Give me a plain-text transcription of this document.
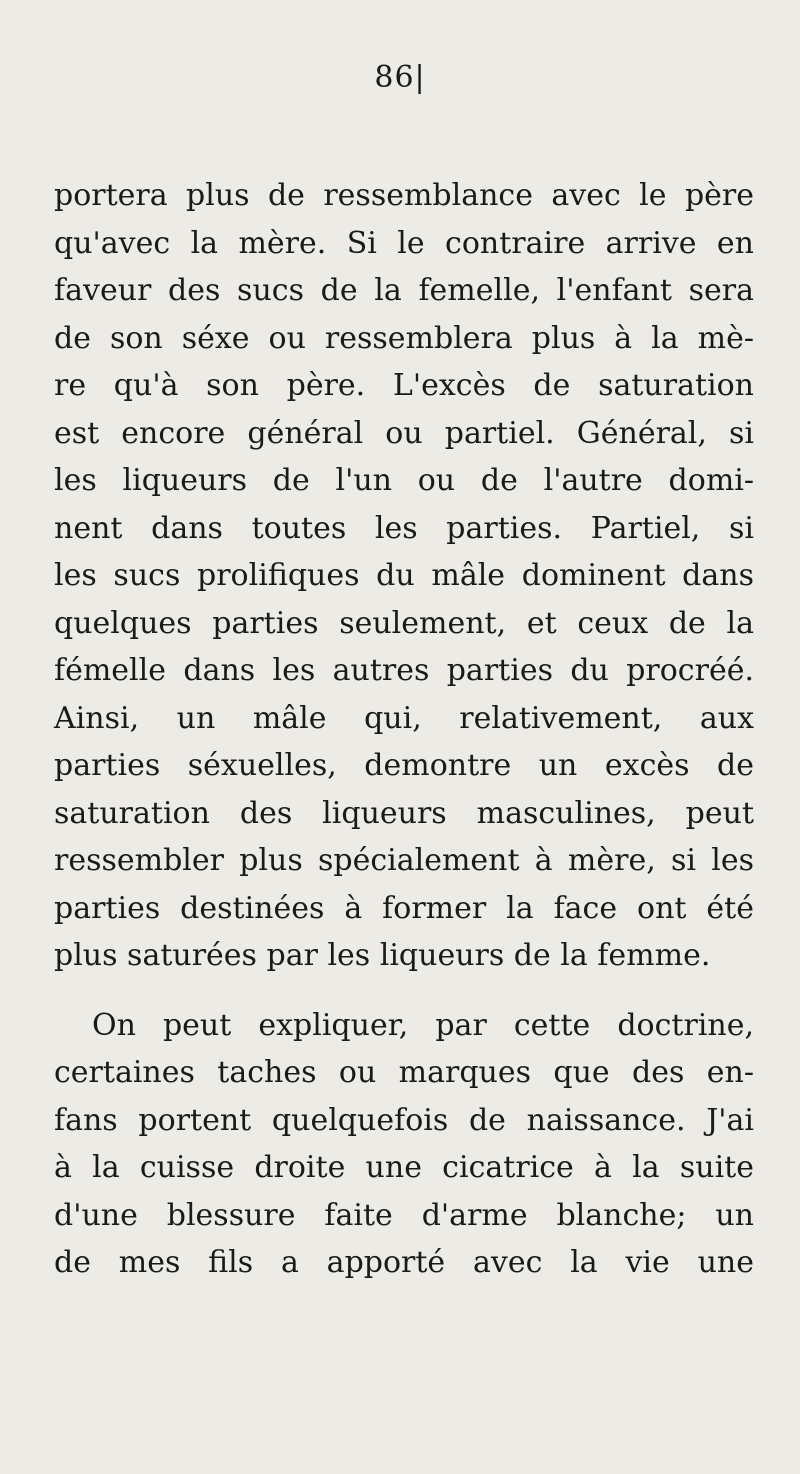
86|
portera plus de ressemblance avec le père
qu'avec la mère. Si le contraire arrive en
faveur des sucs de la femelle, l'enfant sera
de son séxe ou ressemblera plus à la mè-
re qu'à son père. L'excès de saturation
est encore général ou partiel. Général, si
les liqueurs de l'un ou de l'autre domi-
nent dans toutes les parties. Partiel, si
les sucs prolifiques du mâle dominent dans
quelques parties seulement, et ceux de la
fémelle dans les autres parties du procréé.
Ainsi, un mâle qui, relativement, aux
parties séxuelles, demontre un excès de
saturation des liqueurs masculines, peut
ressembler plus spécialement à mère, si les
parties destinées à former la face ont été
plus saturées par les liqueurs de la femme.
On peut expliquer, par cette doctrine,
certaines taches ou marques que des en-
fans portent quelquefois de naissance. J'ai
à la cuisse droite une cicatrice à la suite
d'une blessure faite d'arme blanche; un
de mes fils a apporté avec la vie une
